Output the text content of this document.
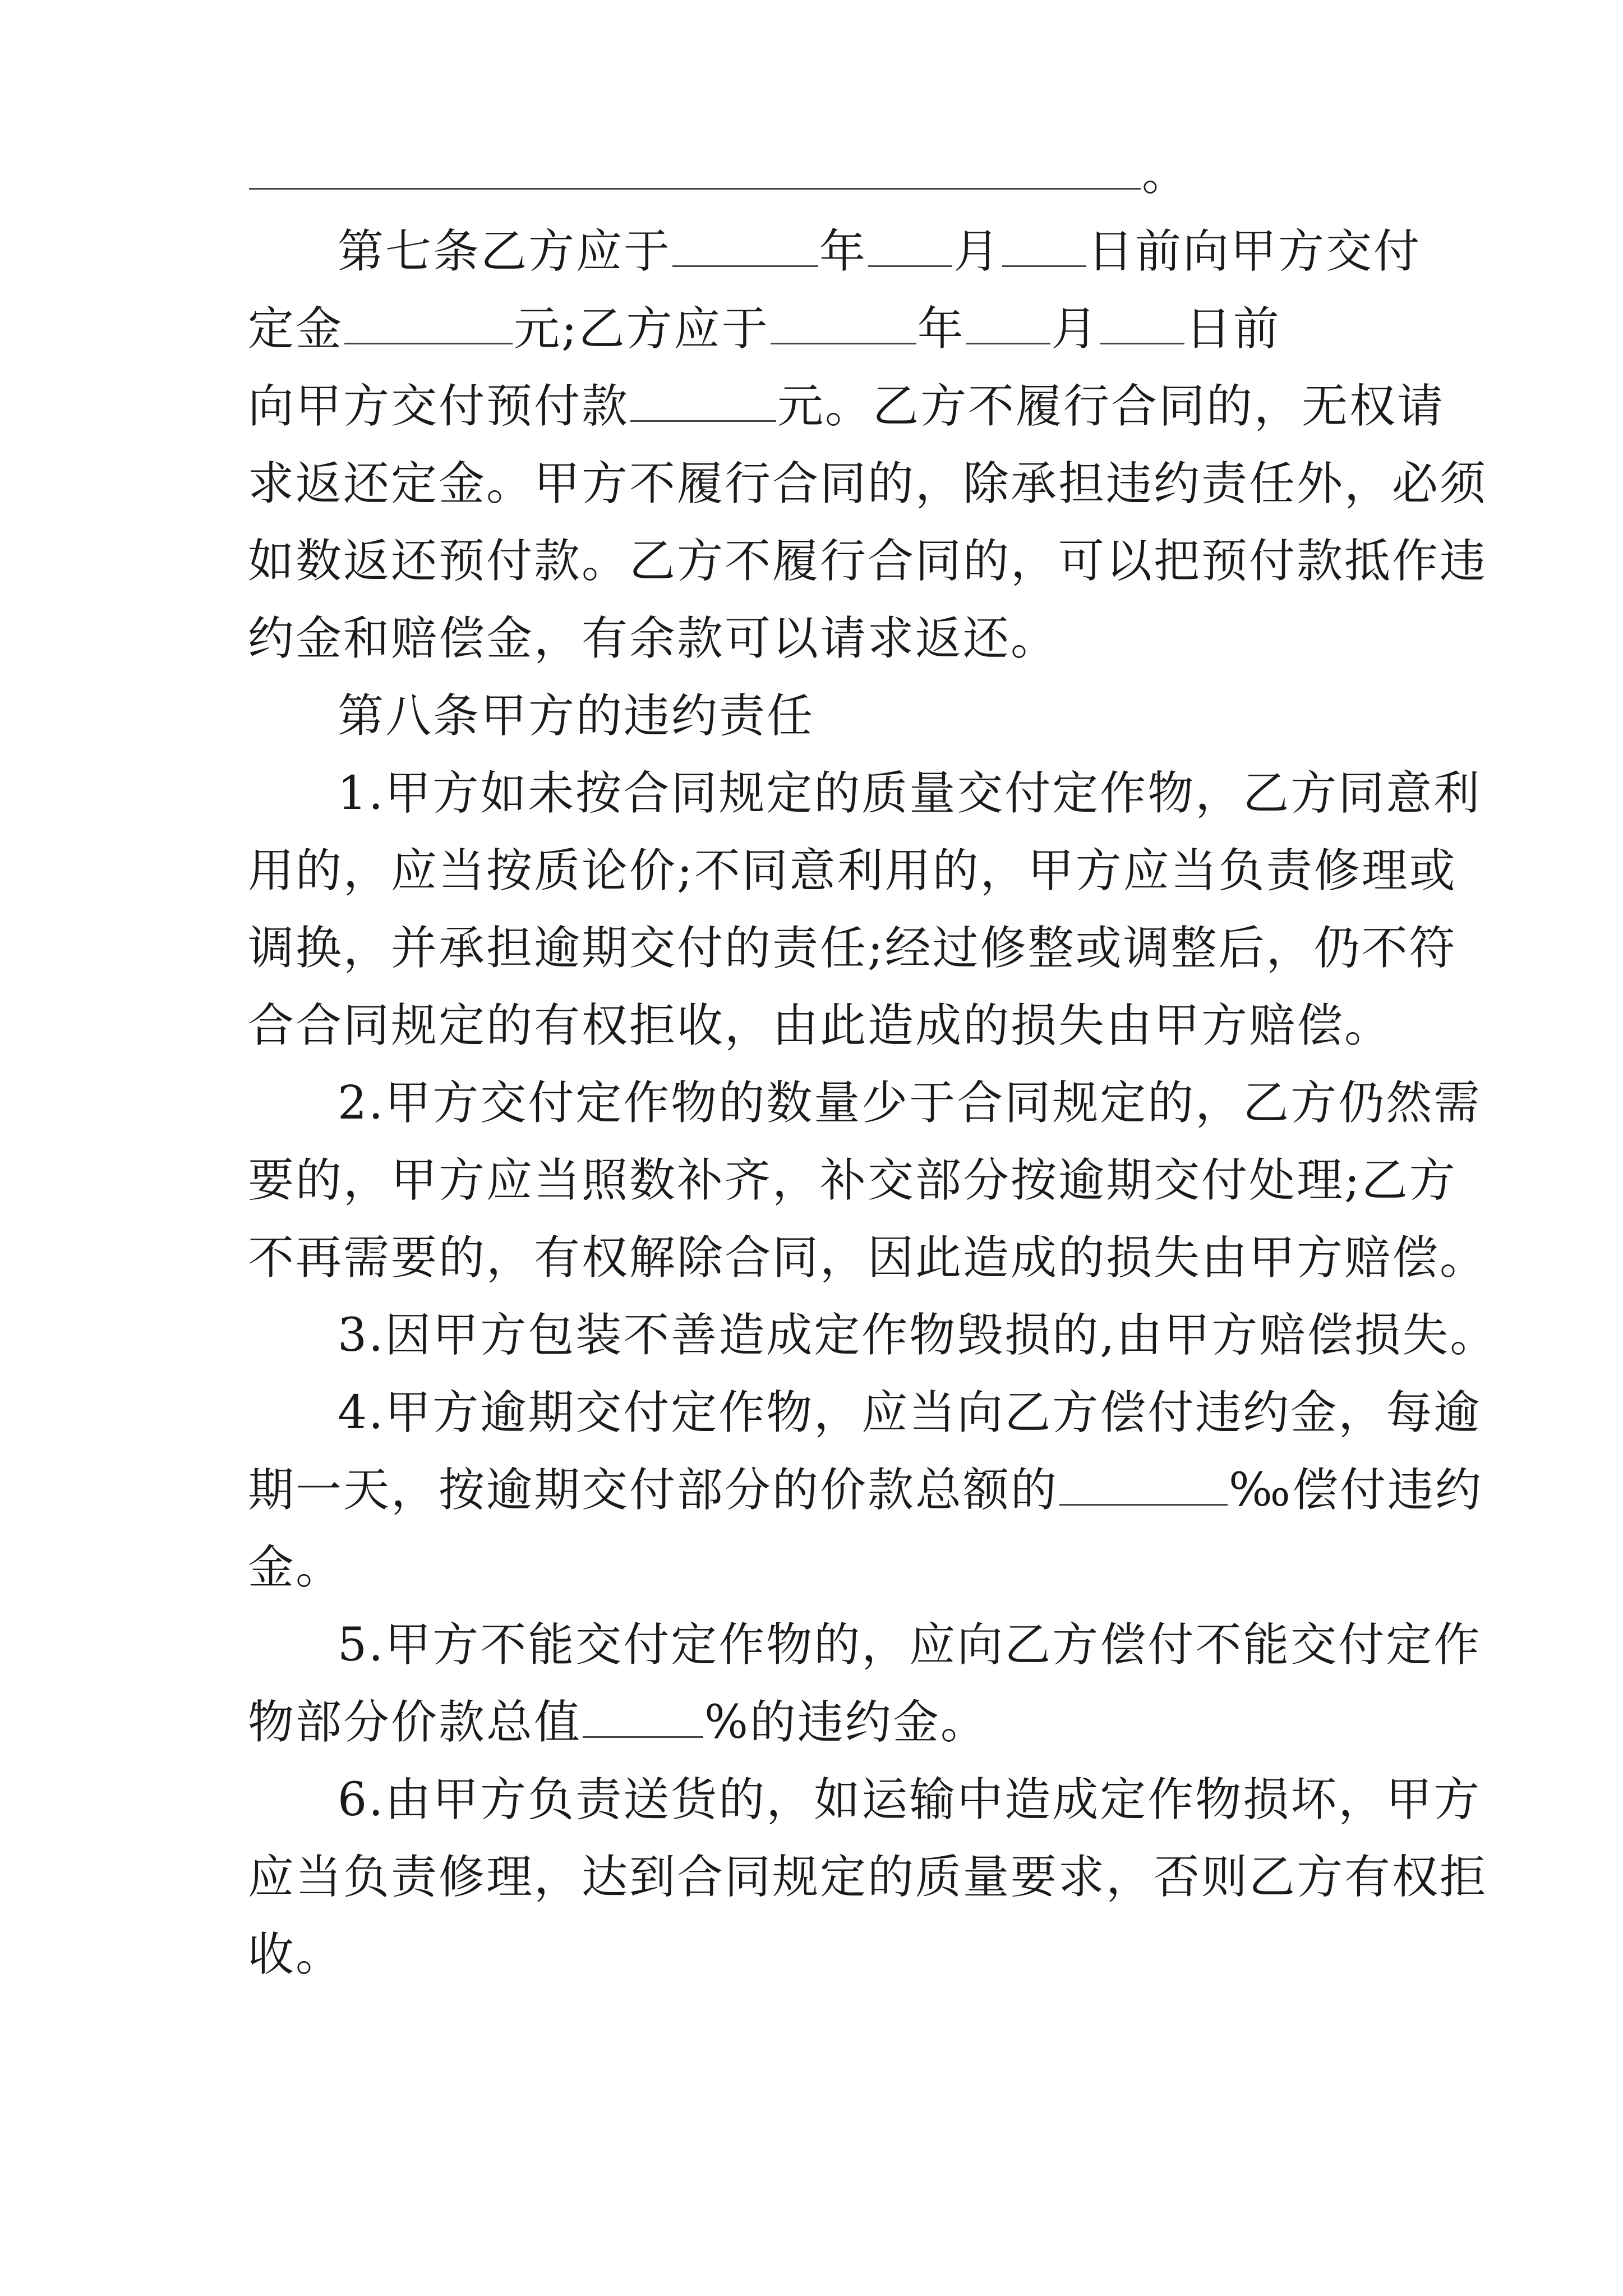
。
第七条乙方应于	年 月 日前向甲方交付
定金	元;乙方应于	年 月 日前
向甲方交付预付款	元。乙方不履行合同的，无权请
求返还定金。甲方不履行合同的，除承担违约责任外，必须
如数返还预付款。乙方不履行合同的，可以把预付款抵作违
约金和赔偿金，有余款可以请求返还。
第八条甲方的违约责任
1.甲方如未按合同规定的质量交付定作物，乙方同意利
用的，应当按质论价;不同意利用的，甲方应当负责修理或
调换，并承担逾期交付的责任;经过修整或调整后，仍不符
合合同规定的有权拒收，由此造成的损失由甲方赔偿。
2.甲方交付定作物的数量少于合同规定的，乙方仍然需
要的，甲方应当照数补齐，补交部分按逾期交付处理;乙方
不再需要的，有权解除合同，因此造成的损失由甲方赔偿。
3.因甲方包装不善造成定作物毁损的,由甲方赔偿损失。
4.甲方逾期交付定作物，应当向乙方偿付违约金，每逾
期一天，按逾期交付部分的价款总额的	‰偿付违约
金。
5.甲方不能交付定作物的，应向乙方偿付不能交付定作
物部分价款总值	%的违约金。
6.由甲方负责送货的，如运输中造成定作物损坏，甲方
应当负责修理，达到合同规定的质量要求，否则乙方有权拒
收。
